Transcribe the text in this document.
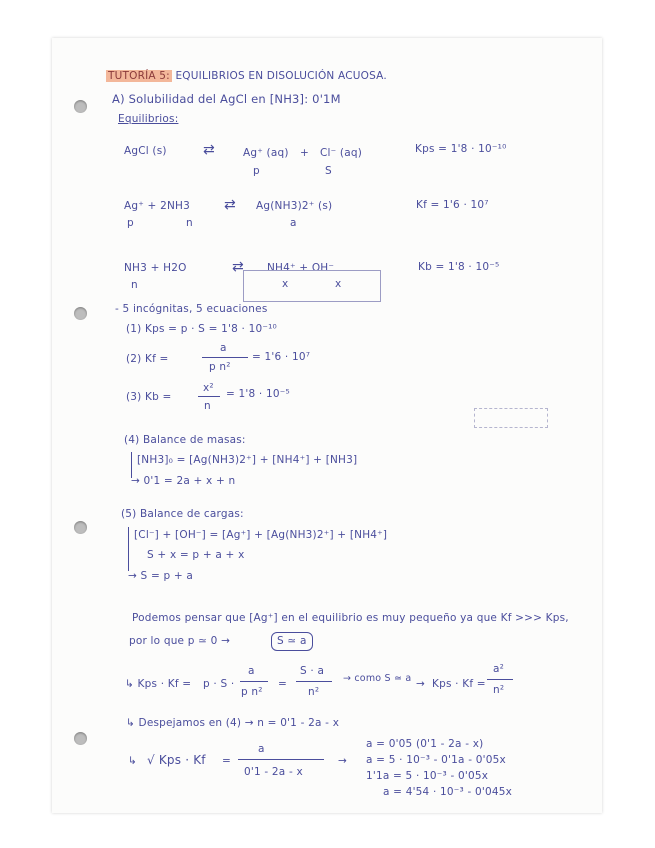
TUTORÍA 5: EQUILIBRIOS EN DISOLUCIÓN ACUOSA.
A) Solubilidad del AgCl en [NH3]: 0'1M
Equilibrios:
AgCl (s)	⇄	Ag⁺ (aq) + Cl⁻ (aq)
p	S
Kps = 1'8 · 10⁻¹⁰
Ag⁺ + 2NH3 ⇄ Ag(NH3)2⁺ (s)
p	n	a
Kf = 1'6 · 10⁷
NH3 + H2O	⇄ NH4⁺ + OH⁻
n	x	x
Kb = 1'8 · 10⁻⁵
- 5 incógnitas, 5 ecuaciones
(1) Kps = p · S = 1'8 · 10⁻¹⁰
(2) Kf =
a
p n²
= 1'6 · 10⁷
(3) Kb =
x²
n
= 1'8 · 10⁻⁵
(4) Balance de masas:
[NH3]₀ = [Ag(NH3)2⁺] + [NH4⁺] + [NH3]
→ 0'1 = 2a + x + n
(5) Balance de cargas:
[Cl⁻] + [OH⁻] = [Ag⁺] + [Ag(NH3)2⁺] + [NH4⁺]
S + x = p + a + x
→ S = p + a
Podemos pensar que [Ag⁺] en el equilibrio es muy pequeño ya que Kf >>> Kps,
por lo que p ≃ 0 →	S ≃ a
↳ Kps · Kf = p · S ·
a
p n²
=
S · a
n²
→ como S ≃ a → Kps · Kf =
a²
n²
↳ Despejamos en (4) → n = 0'1 - 2a - x
↳ √ Kps · Kf =
a
0'1 - 2a - x
→
a = 0'05 (0'1 - 2a - x)
a = 5 · 10⁻³ - 0'1a - 0'05x
1'1a = 5 · 10⁻³ - 0'05x
a = 4'54 · 10⁻³ - 0'045x
